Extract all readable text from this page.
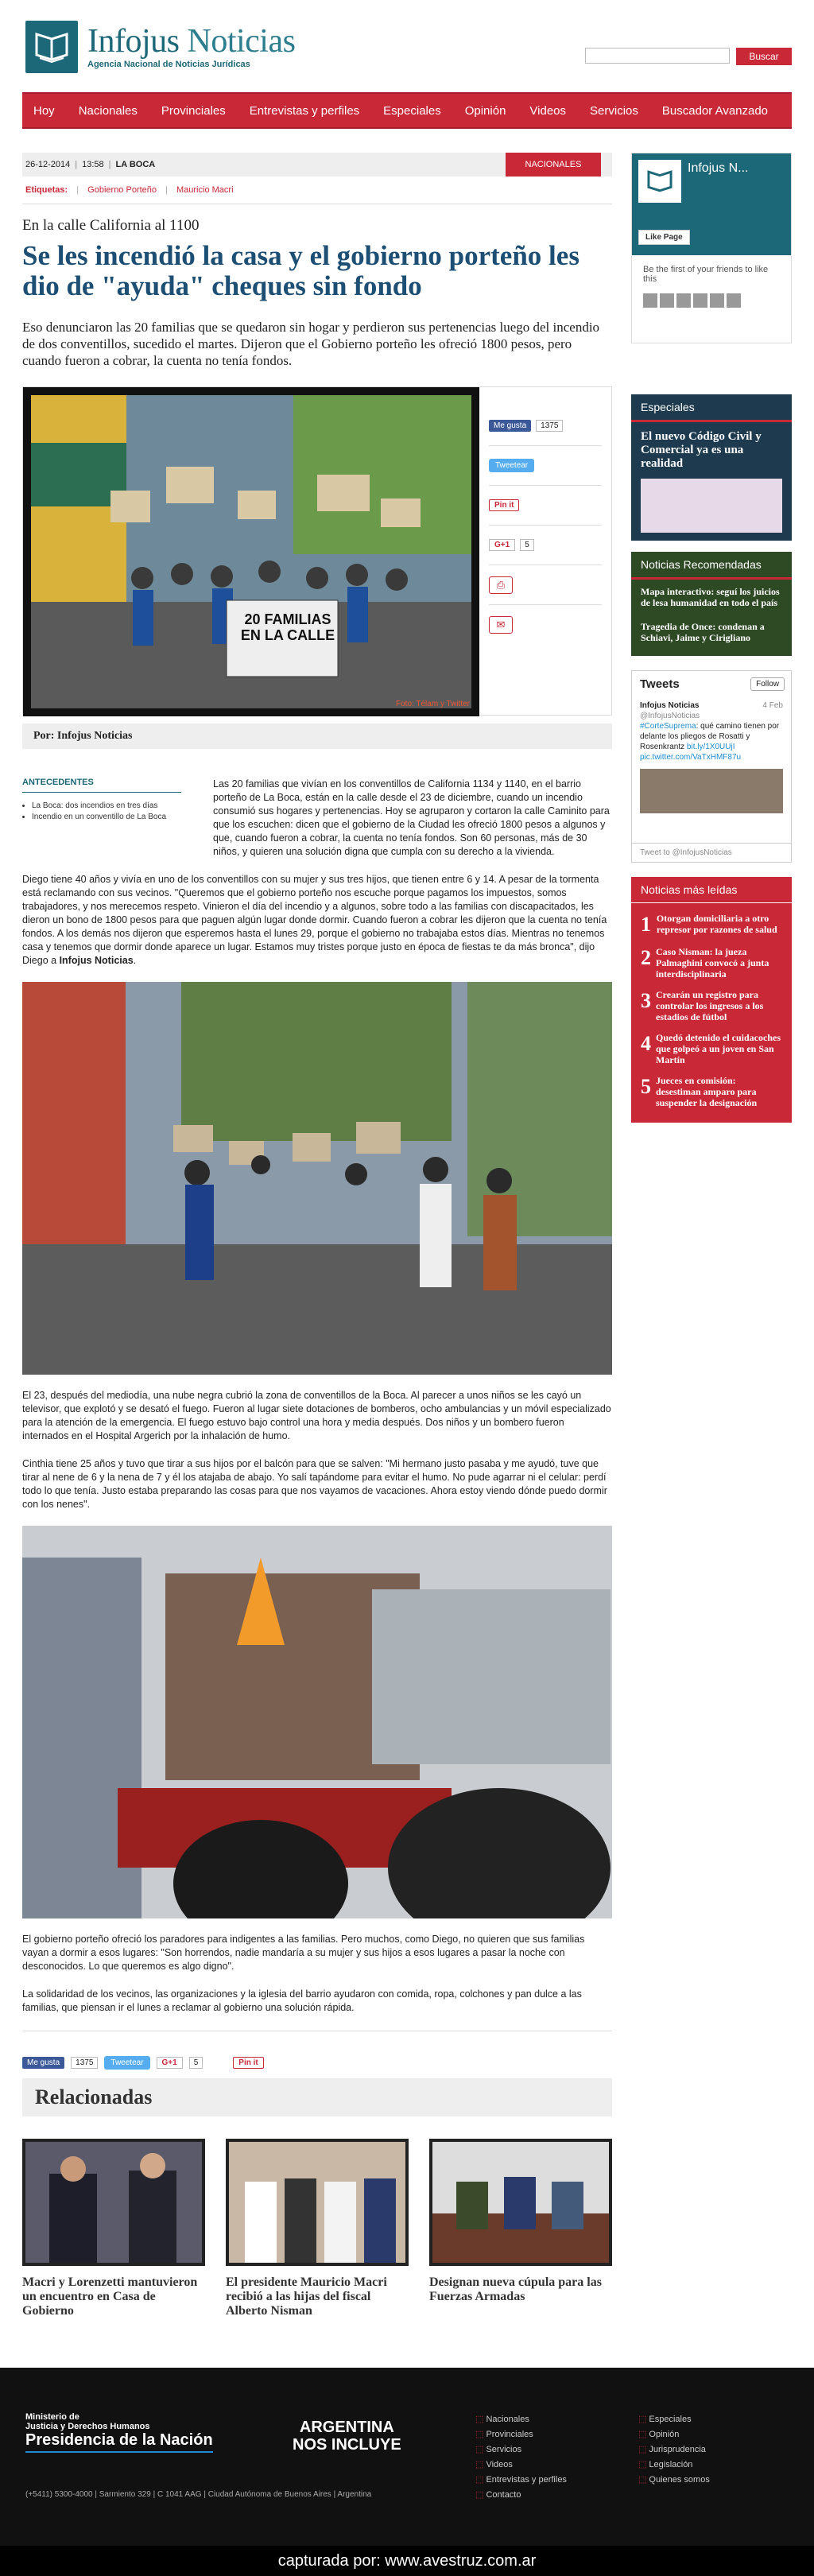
Infojus Noticias
Agencia Nacional de Noticias Jurídicas
Buscar
Hoy	Nacionales	Provinciales	Entrevistas y perfiles	Especiales	Opinión	Videos	Servicios	Buscador Avanzado
26-12-2014 | 13:58 | LA BOCA	NACIONALES
Etiquetas: | Gobierno Porteño | Mauricio Macri
En la calle California al 1100
Se les incendió la casa y el gobierno porteño les dio de "ayuda" cheques sin fondo
Eso denunciaron las 20 familias que se quedaron sin hogar y perdieron sus pertenencias luego del incendio de dos conventillos, sucedido el martes. Dijeron que el Gobierno porteño les ofreció 1800 pesos, pero cuando fueron a cobrar, la cuenta no tenía fondos.
20 FAMILIAS EN LA CALLE
Foto: Télam y Twitter
Me gusta	1375
Tweetear
Pin it
G+1	5
⎙
✉
Por: Infojus Noticias
ANTECEDENTES
• La Boca: dos incendios en tres días
• Incendio en un conventillo de La Boca
Las 20 familias que vivían en los conventillos de California 1134 y 1140, en el barrio porteño de La Boca, están en la calle desde el 23 de diciembre, cuando un incendio consumió sus hogares y pertenencias. Hoy se agruparon y cortaron la calle Caminito para que los escuchen: dicen que el gobierno de la Ciudad les ofreció 1800 pesos a algunos y que, cuando fueron a cobrar, la cuenta no tenía fondos. Son 60 personas, más de 30 niños, y quieren una solución digna que cumpla con su derecho a la vivienda.

Diego tiene 40 años y vivía en uno de los conventillos con su mujer y sus tres hijos, que tienen entre 6 y 14. A pesar de la tormenta está reclamando con sus vecinos. "Queremos que el gobierno porteño nos escuche porque pagamos los impuestos, somos trabajadores, y nos merecemos respeto. Vinieron el día del incendio y a algunos, sobre todo a las familias con discapacitados, les dieron un bono de 1800 pesos para que paguen algún lugar donde dormir. Cuando fueron a cobrar les dijeron que la cuenta no tenía fondos. A los demás nos dijeron que esperemos hasta el lunes 29, porque el gobierno no trabajaba estos días. Mientras no tenemos casa y tenemos que dormir donde aparece un lugar. Estamos muy tristes porque justo en época de fiestas te da más bronca", dijo Diego a Infojus Noticias.

El 23, después del mediodía, una nube negra cubrió la zona de conventillos de la Boca. Al parecer a unos niños se les cayó un televisor, que explotó y se desató el fuego. Fueron al lugar siete dotaciones de bomberos, ocho ambulancias y un móvil especializado para la atención de la emergencia. El fuego estuvo bajo control una hora y media después. Dos niños y un bombero fueron internados en el Hospital Argerich por la inhalación de humo.

Cinthia tiene 25 años y tuvo que tirar a sus hijos por el balcón para que se salven: "Mi hermano justo pasaba y me ayudó, tuve que tirar al nene de 6 y la nena de 7 y él los atajaba de abajo. Yo salí tapándome para evitar el humo. No pude agarrar ni el celular: perdí todo lo que tenía. Justo estaba preparando las cosas para que nos vayamos de vacaciones. Ahora estoy viendo dónde puedo dormir con los nenes".

El gobierno porteño ofreció los paradores para indigentes a las familias. Pero muchos, como Diego, no quieren que sus familias vayan a dormir a esos lugares: "Son horrendos, nadie mandaría a su mujer y sus hijos a esos lugares a pasar la noche con desconocidos. Lo que queremos es algo digno".

La solidaridad de los vecinos, las organizaciones y la iglesia del barrio ayudaron con comida, ropa, colchones y pan dulce a las familias, que piensan ir el lunes a reclamar al gobierno una solución rápida.

Me gusta	1375	Tweetear	G+1	5	Pin it
Relacionadas
Macri y Lorenzetti mantuvieron un encuentro en Casa de Gobierno
El presidente Mauricio Macri recibió a las hijas del fiscal Alberto Nisman
Designan nueva cúpula para las Fuerzas Armadas
Infojus N...
Like Page
Be the first of your friends to like this
Especiales
El nuevo Código Civil y Comercial ya es una realidad
Noticias Recomendadas
Mapa interactivo: seguí los juicios de lesa humanidad en todo el país
Tragedia de Once: condenan a Schiavi, Jaime y Cirigliano
Tweets	Follow
Infojus Noticias	4 Feb

@InfojusNoticias
#CorteSuprema: qué camino tienen por delante los pliegos de Rosatti y Rosenkrantz bit.ly/1X0UUjI pic.twitter.com/VaTxHMF87u
Tweet to @InfojusNoticias
Noticias más leídas
1 Otorgan domiciliaria a otro represor por razones de salud
2 Caso Nisman: la jueza Palmaghini convocó a junta interdisciplinaria
3 Crearán un registro para controlar los ingresos a los estadios de fútbol
4 Quedó detenido el cuidacoches que golpeó a un joven en San Martín
5 Jueces en comisión: desestiman amparo para suspender la designación
Ministerio de
Justicia y Derechos Humanos
Presidencia de la Nación
ARGENTINA
NOS INCLUYE
⬚ Nacionales
⬚ Provinciales
⬚ Servicios
⬚ Videos
⬚ Entrevistas y perfiles
⬚ Contacto
⬚ Especiales
⬚ Opinión
⬚ Jurisprudencia
⬚ Legislación
⬚ Quienes somos
(+5411) 5300-4000 | Sarmiento 329 | C 1041 AAG | Ciudad Autónoma de Buenos Aires | Argentina
capturada por: www.avestruz.com.ar
